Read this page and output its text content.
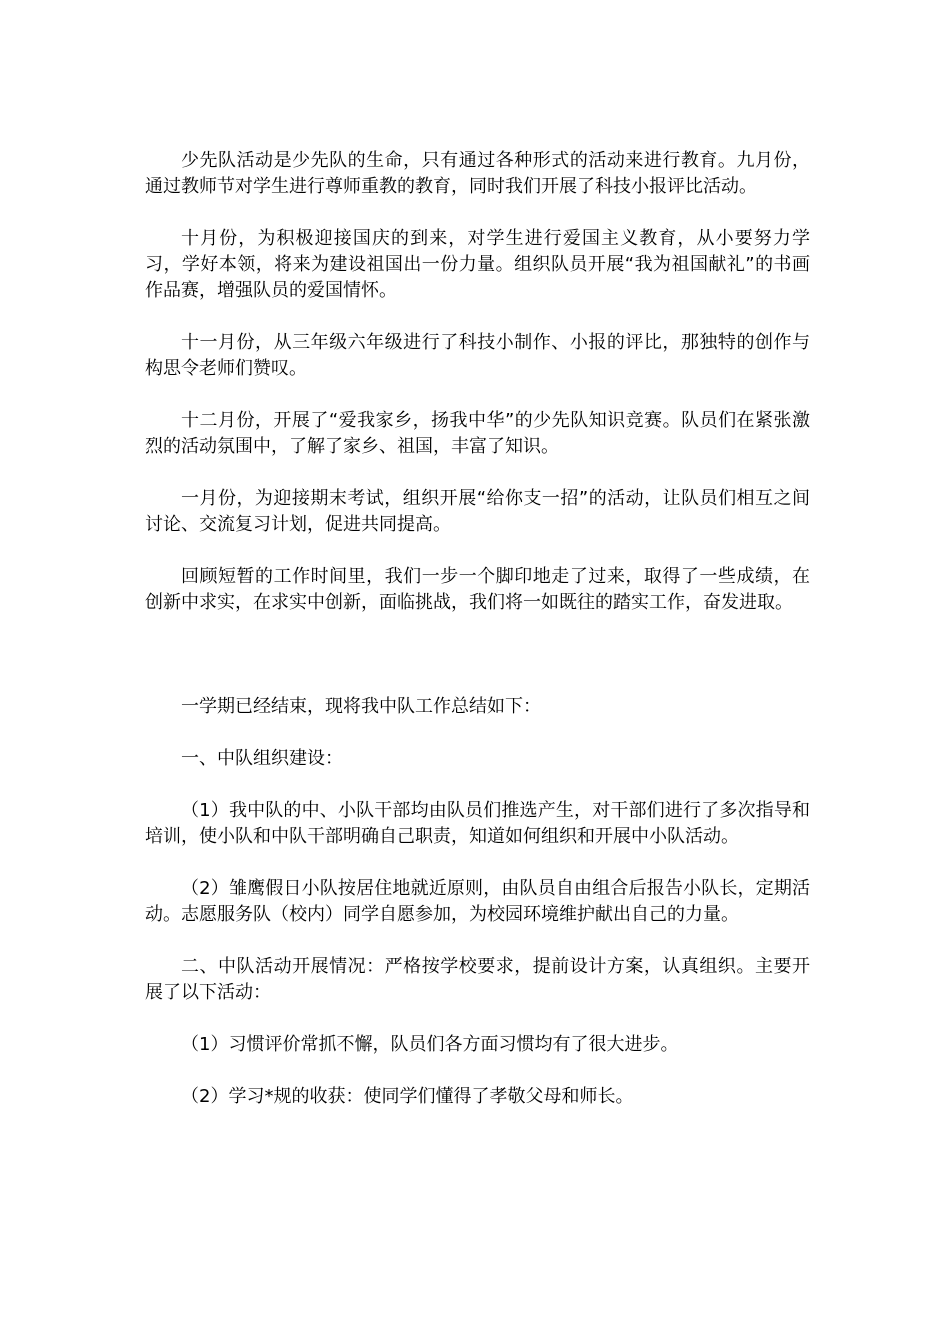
少先队活动是少先队的生命，只有通过各种形式的活动来进行教育。九月份，通过教师节对学生进行尊师重教的教育，同时我们开展了科技小报评比活动。

十月份，为积极迎接国庆的到来，对学生进行爱国主义教育，从小要努力学习，学好本领，将来为建设祖国出一份力量。组织队员开展“我为祖国献礼”的书画作品赛，增强队员的爱国情怀。

十一月份，从三年级六年级进行了科技小制作、小报的评比，那独特的创作与构思令老师们赞叹。

十二月份，开展了“爱我家乡，扬我中华”的少先队知识竞赛。队员们在紧张激烈的活动氛围中，了解了家乡、祖国，丰富了知识。

一月份，为迎接期末考试，组织开展“给你支一招”的活动，让队员们相互之间讨论、交流复习计划，促进共同提高。

回顾短暂的工作时间里，我们一步一个脚印地走了过来，取得了一些成绩，在创新中求实，在求实中创新，面临挑战，我们将一如既往的踏实工作，奋发进取。

一学期已经结束，现将我中队工作总结如下：

一、中队组织建设：

（1）我中队的中、小队干部均由队员们推选产生，对干部们进行了多次指导和培训，使小队和中队干部明确自己职责，知道如何组织和开展中小队活动。

（2）雏鹰假日小队按居住地就近原则，由队员自由组合后报告小队长，定期活动。志愿服务队（校内）同学自愿参加，为校园环境维护献出自己的力量。

二、中队活动开展情况：严格按学校要求，提前设计方案，认真组织。主要开展了以下活动：

（1）习惯评价常抓不懈，队员们各方面习惯均有了很大进步。

（2）学习*规的收获：使同学们懂得了孝敬父母和师长。
